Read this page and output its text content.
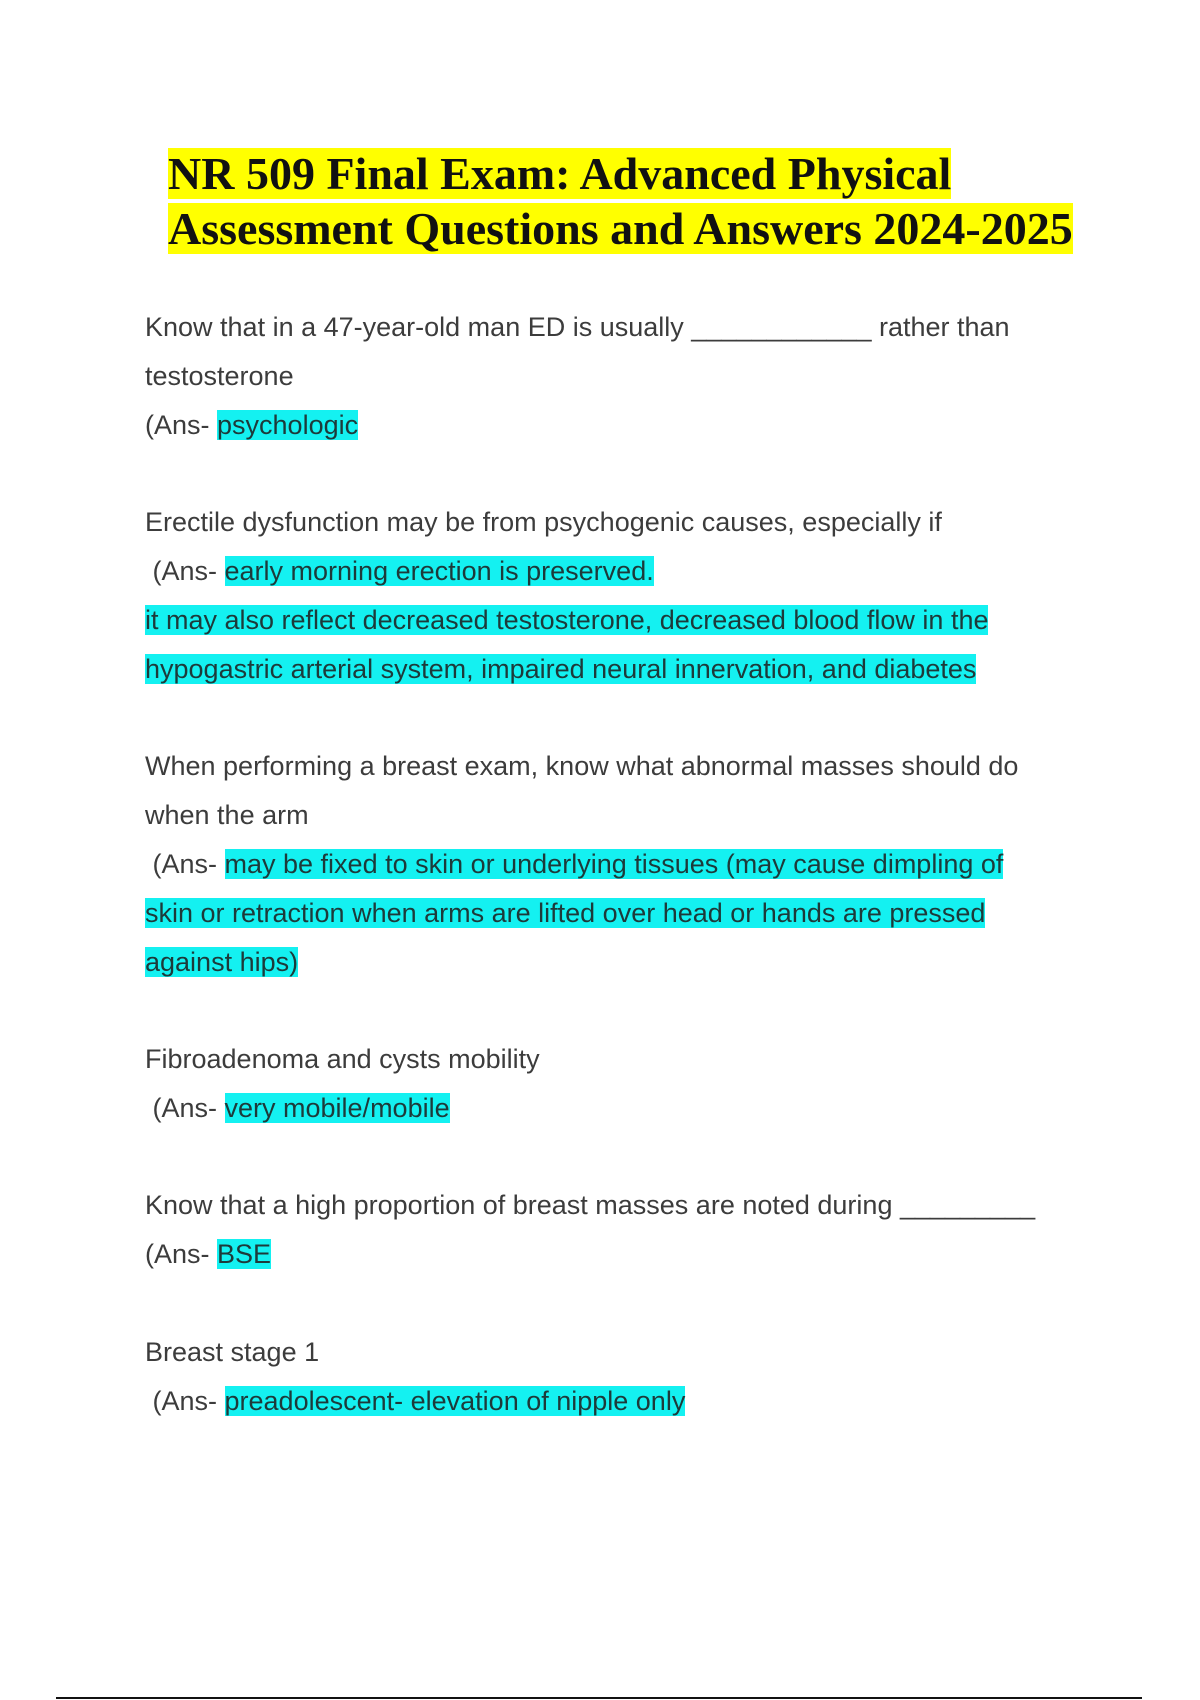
NR 509 Final Exam: Advanced Physical
Assessment Questions and Answers 2024-2025
Know that in a 47-year-old man ED is usually ____________ rather than
testosterone
(Ans- psychologic
Erectile dysfunction may be from psychogenic causes, especially if
(Ans- early morning erection is preserved.
it may also reflect decreased testosterone, decreased blood flow in the
hypogastric arterial system, impaired neural innervation, and diabetes
When performing a breast exam, know what abnormal masses should do
when the arm
(Ans- may be fixed to skin or underlying tissues (may cause dimpling of
skin or retraction when arms are lifted over head or hands are pressed
against hips)
Fibroadenoma and cysts mobility
(Ans- very mobile/mobile
Know that a high proportion of breast masses are noted during _________
(Ans- BSE
Breast stage 1
(Ans- preadolescent- elevation of nipple only
